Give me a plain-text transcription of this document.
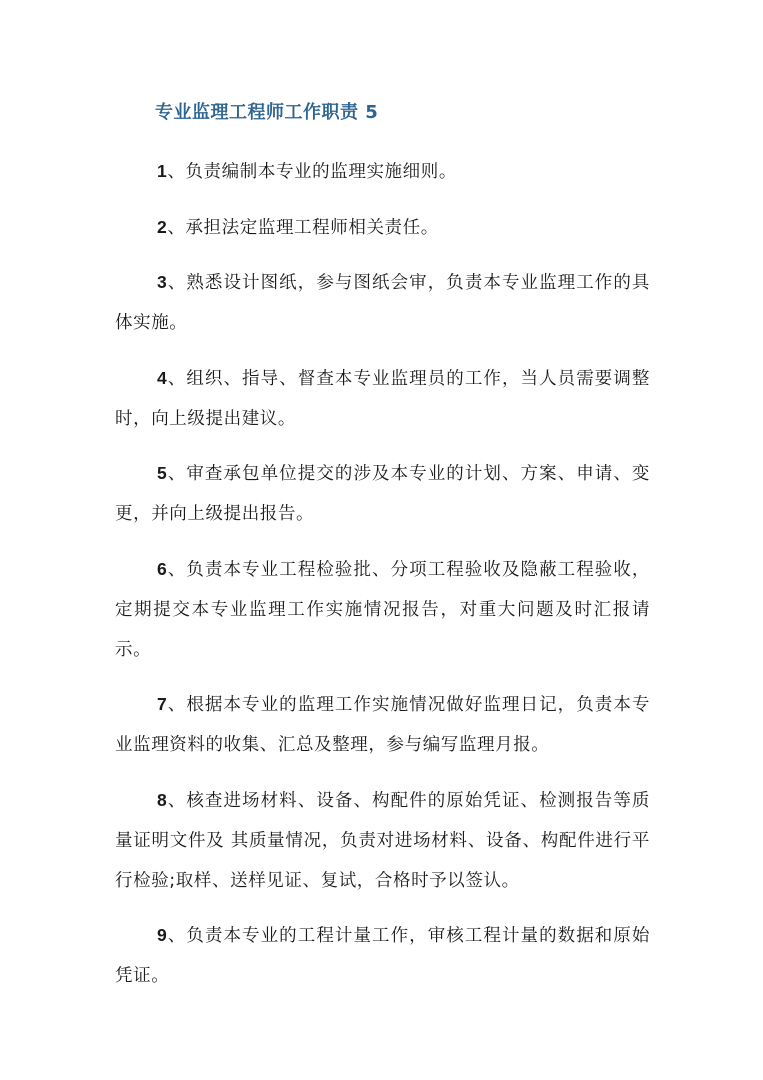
专业监理工程师工作职责 5

1、负责编制本专业的监理实施细则。

2、承担法定监理工程师相关责任。

3、熟悉设计图纸，参与图纸会审，负责本专业监理工作的具体实施。

4、组织、指导、督查本专业监理员的工作，当人员需要调整时，向上级提出建议。

5、审查承包单位提交的涉及本专业的计划、方案、申请、变更，并向上级提出报告。

6、负责本专业工程检验批、分项工程验收及隐蔽工程验收， 定期提交本专业监理工作实施情况报告，对重大问题及时汇报请示。

7、根据本专业的监理工作实施情况做好监理日记，负责本专业监理资料的收集、汇总及整理，参与编写监理月报。

8、核查进场材料、设备、构配件的原始凭证、检测报告等质量证明文件及 其质量情况，负责对进场材料、设备、构配件进行平行检验;取样、送样见证、复试，合格时予以签认。

9、负责本专业的工程计量工作，审核工程计量的数据和原始凭证。
